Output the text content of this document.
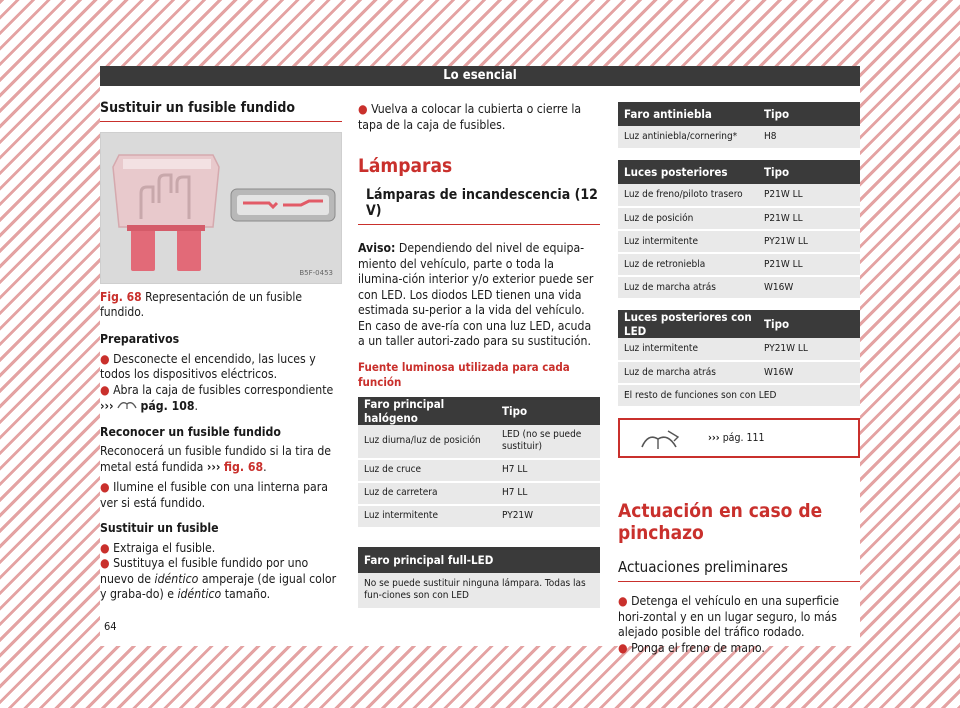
Lo esencial
Sustituir un fusible fundido
B5F-0453
Fig. 68 Representación de un fusible fundido.

Preparativos

● Desconecte el encendido, las luces y todos los dispositivos eléctricos.

● Abra la caja de fusibles correspondiente
››› pág. 108.

Reconocer un fusible fundido

Reconocerá un fusible fundido si la tira de metal está fundida ››› fig. 68.

● Ilumine el fusible con una linterna para ver si está fundido.

Sustituir un fusible

● Extraiga el fusible.

● Sustituya el fusible fundido por uno nuevo de idéntico amperaje (de igual color y graba-do) e idéntico tamaño.

● Vuelva a colocar la cubierta o cierre la tapa de la caja de fusibles.

Lámparas
Lámparas de incandescencia (12 V)

Aviso: Dependiendo del nivel de equipa-miento del vehículo, parte o toda la ilumina-ción interior y/o exterior puede ser con LED. Los diodos LED tienen una vida estimada su-perior a la vida del vehículo. En caso de ave-ría con una luz LED, acuda a un taller autori-zado para su sustitución.

Fuente luminosa utilizada para cada función

Faro principal halógeno	Tipo
Luz diurna/luz de posición	LED (no se puede sustituir)
Luz de cruce	H7 LL
Luz de carretera	H7 LL
Luz intermitente	PY21W
Faro principal full-LED
No se puede sustituir ninguna lámpara. Todas las fun-ciones son con LED
Faro antiniebla	Tipo
Luz antiniebla/cornering*	H8
Luces posteriores	Tipo
Luz de freno/piloto trasero	P21W LL
Luz de posición	P21W LL
Luz intermitente	PY21W LL
Luz de retroniebla	P21W LL
Luz de marcha atrás	W16W
Luces posteriores con LED	Tipo
Luz intermitente	PY21W LL
Luz de marcha atrás	W16W
El resto de funciones son con LED	
››› pág. 111
Actuación en caso de pinchazo
Actuaciones preliminares

● Detenga el vehículo en una superficie hori-zontal y en un lugar seguro, lo más alejado posible del tráfico rodado.

● Ponga el freno de mano.

64
